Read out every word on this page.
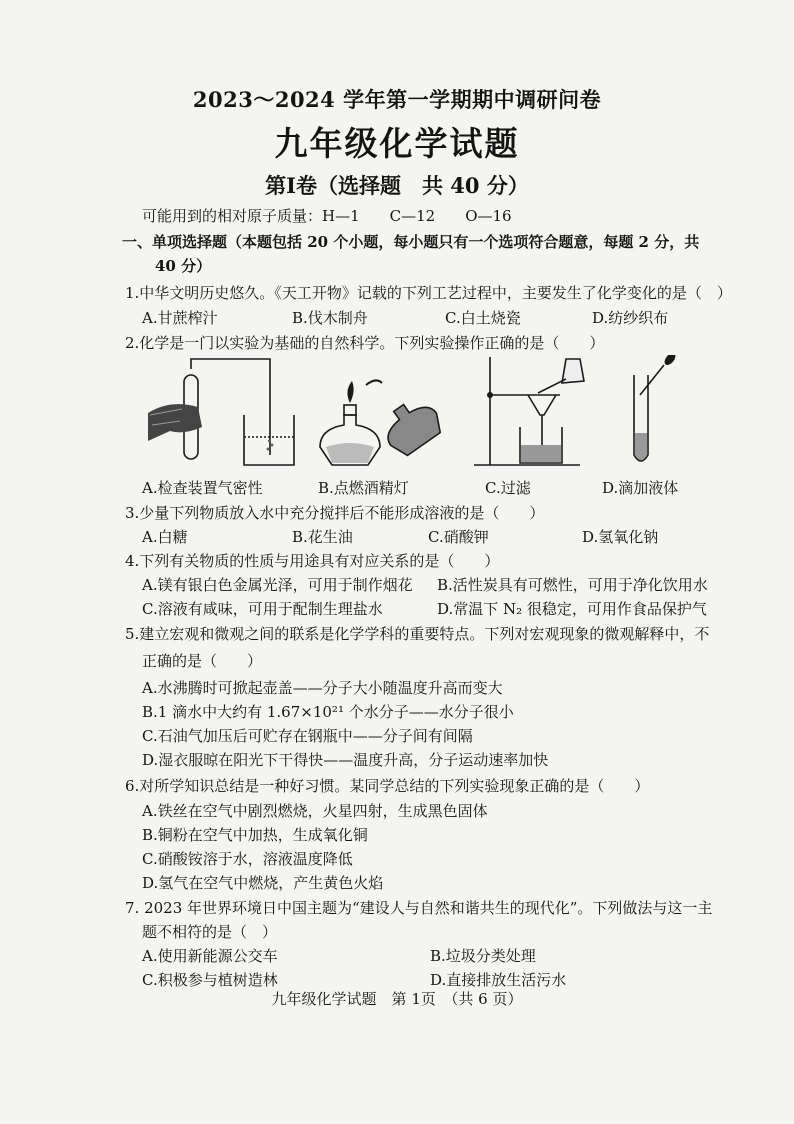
2023～2024 学年第一学期期中调研问卷
九年级化学试题
第Ⅰ卷（选择题　共 40 分）
可能用到的相对原子质量：H—1　　C—12　　O—16
一、单项选择题（本题包括 20 个小题，每小题只有一个选项符合题意，每题 2 分，共
40 分）
1.中华文明历史悠久。《天工开物》记载的下列工艺过程中，主要发生了化学变化的是（　）
A.甘蔗榨汁	B.伐木制舟	C.白土烧瓷	D.纺纱织布
2.化学是一门以实验为基础的自然科学。下列实验操作正确的是（　　）
A.检查装置气密性	B.点燃酒精灯	C.过滤	D.滴加液体
3.少量下列物质放入水中充分搅拌后不能形成溶液的是（　　）
A.白糖	B.花生油	C.硝酸钾	D.氢氧化钠
4.下列有关物质的性质与用途具有对应关系的是（　　）
A.镁有银白色金属光泽，可用于制作烟花 B.活性炭具有可燃性，可用于净化饮用水
C.溶液有咸味，可用于配制生理盐水	D.常温下 N₂ 很稳定，可用作食品保护气
5.建立宏观和微观之间的联系是化学学科的重要特点。下列对宏观现象的微观解释中，不
正确的是（　　）
A.水沸腾时可掀起壶盖——分子大小随温度升高而变大
B.1 滴水中大约有 1.67×10²¹ 个水分子——水分子很小
C.石油气加压后可贮存在钢瓶中——分子间有间隔
D.湿衣服晾在阳光下干得快——温度升高，分子运动速率加快
6.对所学知识总结是一种好习惯。某同学总结的下列实验现象正确的是（　　）
A.铁丝在空气中剧烈燃烧，火星四射，生成黑色固体
B.铜粉在空气中加热，生成氧化铜
C.硝酸铵溶于水，溶液温度降低
D.氢气在空气中燃烧，产生黄色火焰
7. 2023 年世界环境日中国主题为“建设人与自然和谐共生的现代化”。下列做法与这一主
题不相符的是（　）
A.使用新能源公交车	B.垃圾分类处理
C.积极参与植树造林	D.直接排放生活污水
九年级化学试题　第 1页　（共 6 页）
